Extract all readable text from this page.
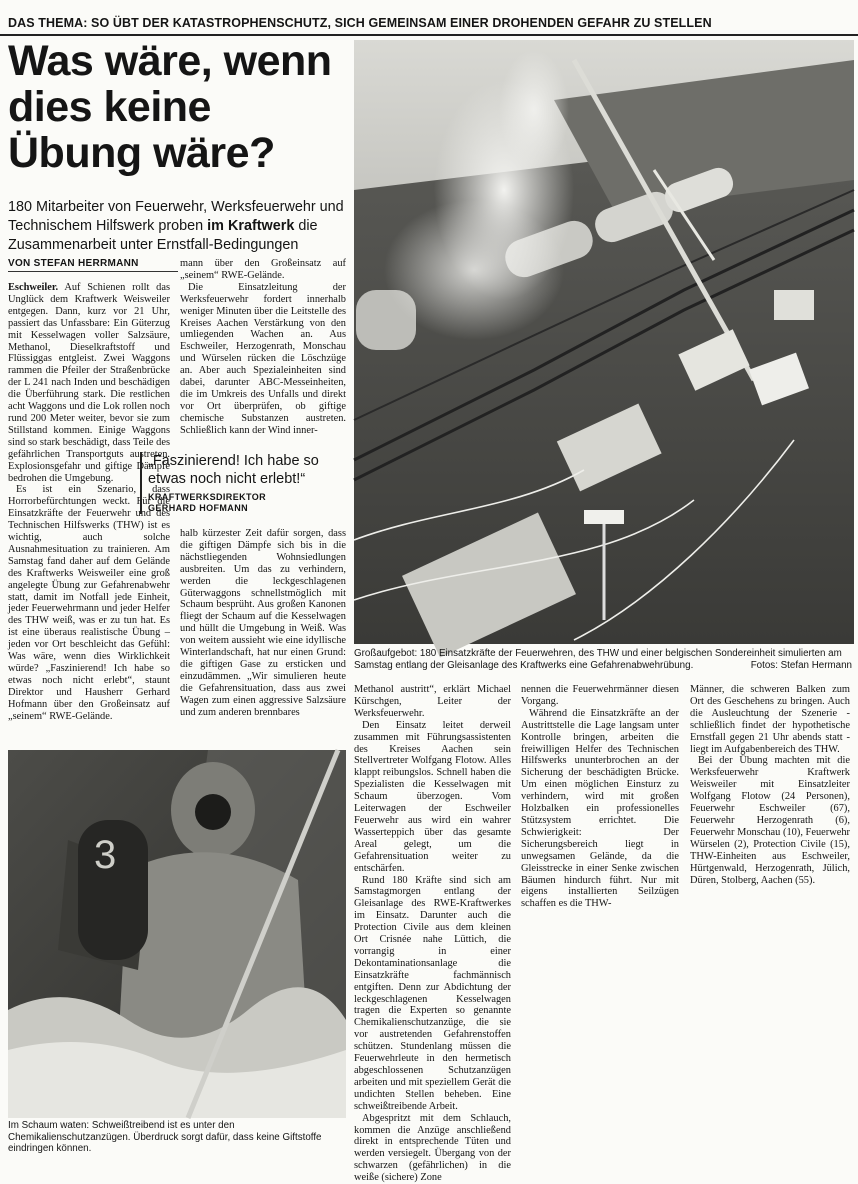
DAS THEMA: SO ÜBT DER KATASTROPHENSCHUTZ, SICH GEMEINSAM EINER DROHENDEN GEFAHR ZU STELLEN
Was wäre, wenn
dies keine
Übung wäre?
180 Mitarbeiter von Feuerwehr, Werksfeuerwehr und Technischem Hilfswerk proben im Kraftwerk die Zusammenarbeit unter Ernstfall-Bedingungen
VON STEFAN HERRMANN

Eschweiler. Auf Schienen rollt das Unglück dem Kraftwerk Weisweiler entgegen. Dann, kurz vor 21 Uhr, passiert das Unfassbare: Ein Güterzug mit Kesselwagen voller Salzsäure, Methanol, Dieselkraftstoff und Flüssiggas entgleist. Zwei Waggons rammen die Pfeiler der Straßenbrücke der L 241 nach Inden und beschädigen die Überführung stark. Die restlichen acht Waggons und die Lok rollen noch rund 200 Meter weiter, bevor sie zum Stillstand kommen. Einige Waggons sind so stark beschädigt, dass Teile des gefährlichen Transportguts austreten. Explosionsgefahr und giftige Dämpfe bedrohen die Umgebung.

Es ist ein Szenario, dass Horrorbefürchtungen weckt. Für die Einsatzkräfte der Feuerwehr und des Technischen Hilfswerks (THW) ist es wichtig, auch solche Ausnahmesituation zu trainieren. Am Samstag fand daher auf dem Gelände des Kraftwerks Weisweiler eine groß angelegte Übung zur Gefahrenabwehr statt, damit im Notfall jede Einheit, jeder Feuerwehrmann und jeder Helfer des THW weiß, was er zu tun hat. Es ist eine überaus realistische Übung – jeden vor Ort beschleicht das Gefühl: Was wäre, wenn dies Wirklichkeit würde? „Faszinierend! Ich habe so etwas noch nicht erlebt“, staunt Direktor und Hausherr Gerhard Hofmann über den Großeinsatz auf „seinem“ RWE-Gelände.

mann über den Großeinsatz auf „seinem“ RWE-Gelände.

Die Einsatzleitung der Werksfeuerwehr fordert innerhalb weniger Minuten über die Leitstelle des Kreises Aachen Verstärkung von den umliegenden Wachen an. Aus Eschweiler, Herzogenrath, Monschau und Würselen rücken die Löschzüge an. Aber auch Spezialeinheiten sind dabei, darunter ABC-Messeinheiten, die im Umkreis des Unfalls und direkt vor Ort überprüfen, ob giftige chemische Substanzen austreten. Schließlich kann der Wind inner-

„Faszinierend! Ich habe so etwas noch nicht erlebt!“
KRAFTWERKSDIREKTOR
GERHARD HOFMANN

halb kürzester Zeit dafür sorgen, dass die giftigen Dämpfe sich bis in die nächstliegenden Wohnsiedlungen ausbreiten. Um das zu verhindern, werden die leckgeschlagenen Güterwaggons schnellstmöglich mit Schaum besprüht. Aus großen Kanonen fliegt der Schaum auf die Kesselwagen und hüllt die Umgebung in Weiß. Was von weitem aussieht wie eine idyllische Winterlandschaft, hat nur einen Grund: die giftigen Gase zu ersticken und einzudämmen. „Wir simulieren heute die Gefahrensituation, dass aus zwei Wagen zum einen aggressive Salzsäure und zum anderen brennbares

Großaufgebot: 180 Einsatzkräfte der Feuerwehren, des THW und einer belgischen Sondereinheit simulierten am Samstag entlang der Gleisanlage des Kraftwerks eine Gefahrenabwehrübung.	Fotos: Stefan Hermann

Methanol austritt“, erklärt Michael Kürschgen, Leiter der Werksfeuerwehr.

Den Einsatz leitet derweil zusammen mit Führungsassistenten des Kreises Aachen sein Stellvertreter Wolfgang Flotow. Alles klappt reibungslos. Schnell haben die Spezialisten die Kesselwagen mit Schaum überzogen. Vom Leiterwagen der Eschweiler Feuerwehr aus wird ein wahrer Wasserteppich über das gesamte Areal gelegt, um die Gefahrensituation weiter zu entschärfen.

Rund 180 Kräfte sind sich am Samstagmorgen entlang der Gleisanlage des RWE-Kraftwerkes im Einsatz. Darunter auch die Protection Civile aus dem kleinen Ort Crisnée nahe Lüttich, die vorrangig in einer Dekontaminationsanlage die Einsatzkräfte fachmännisch entgiften. Denn zur Abdichtung der leckgeschlagenen Kesselwagen tragen die Experten so genannte Chemikalienschutzanzüge, die sie vor austretenden Gefahrenstoffen schützen. Stundenlang müssen die Feuerwehrleute in den hermetisch abgeschlossenen Schutzanzügen arbeiten und mit speziellem Gerät die undichten Stellen beheben. Eine schweißtreibende Arbeit.

Abgespritzt mit dem Schlauch, kommen die Anzüge anschließend direkt in entsprechende Tüten und werden versiegelt. Übergang von der schwarzen (gefährlichen) in die weiße (sichere) Zone

nennen die Feuerwehrmänner diesen Vorgang.

Während die Einsatzkräfte an der Austrittstelle die Lage langsam unter Kontrolle bringen, arbeiten die freiwilligen Helfer des Technischen Hilfswerks ununterbrochen an der Sicherung der beschädigten Brücke. Um einen möglichen Einsturz zu verhindern, wird mit großen Holzbalken ein professionelles Stützsystem errichtet. Die Schwierigkeit: Der Sicherungsbereich liegt in unwegsamen Gelände, da die Gleisstrecke in einer Senke zwischen Bäumen hindurch führt. Nur mit eigens installierten Seilzügen schaffen es die THW-

Männer, die schweren Balken zum Ort des Geschehens zu bringen. Auch die Ausleuchtung der Szenerie - schließlich findet der hypothetische Ernstfall gegen 21 Uhr abends statt - liegt im Aufgabenbereich des THW.

Bei der Übung machten mit die Werksfeuerwehr Kraftwerk Weisweiler mit Einsatzleiter Wolfgang Flotow (24 Personen), Feuerwehr Eschweiler (67), Feuerwehr Herzogenrath (6), Feuerwehr Monschau (10), Feuerwehr Würselen (2), Protection Civile (15), THW-Einheiten aus Eschweiler, Hürtgenwald, Herzogenrath, Jülich, Düren, Stolberg, Aachen (55).

3
Im Schaum waten: Schweißtreibend ist es unter den Chemikalienschutzanzügen. Überdruck sorgt dafür, dass keine Giftstoffe eindringen können.
